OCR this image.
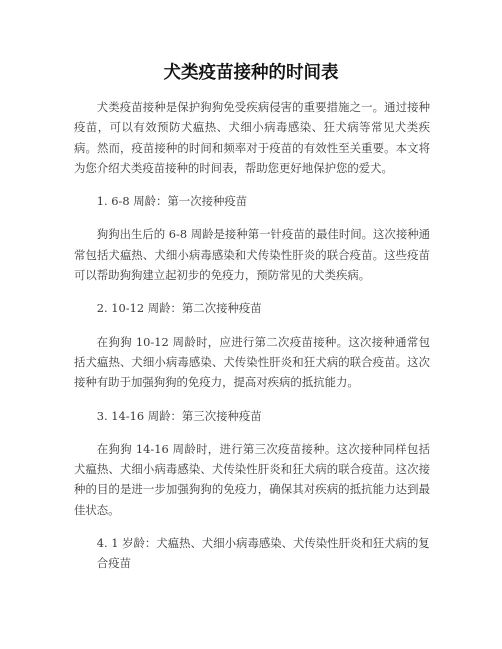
犬类疫苗接种的时间表

犬类疫苗接种是保护狗狗免受疾病侵害的重要措施之一。通过接种疫苗，可以有效预防犬瘟热、犬细小病毒感染、狂犬病等常见犬类疾病。然而，疫苗接种的时间和频率对于疫苗的有效性至关重要。本文将为您介绍犬类疫苗接种的时间表，帮助您更好地保护您的爱犬。

1. 6-8 周龄：第一次接种疫苗

狗狗出生后的 6-8 周龄是接种第一针疫苗的最佳时间。这次接种通常包括犬瘟热、犬细小病毒感染和犬传染性肝炎的联合疫苗。这些疫苗可以帮助狗狗建立起初步的免疫力，预防常见的犬类疾病。

2. 10-12 周龄：第二次接种疫苗

在狗狗 10-12 周龄时，应进行第二次疫苗接种。这次接种通常包括犬瘟热、犬细小病毒感染、犬传染性肝炎和狂犬病的联合疫苗。这次接种有助于加强狗狗的免疫力，提高对疾病的抵抗能力。

3. 14-16 周龄：第三次接种疫苗

在狗狗 14-16 周龄时，进行第三次疫苗接种。这次接种同样包括犬瘟热、犬细小病毒感染、犬传染性肝炎和狂犬病的联合疫苗。这次接种的目的是进一步加强狗狗的免疫力，确保其对疾病的抵抗能力达到最佳状态。

4. 1 岁龄：犬瘟热、犬细小病毒感染、犬传染性肝炎和狂犬病的复合疫苗
